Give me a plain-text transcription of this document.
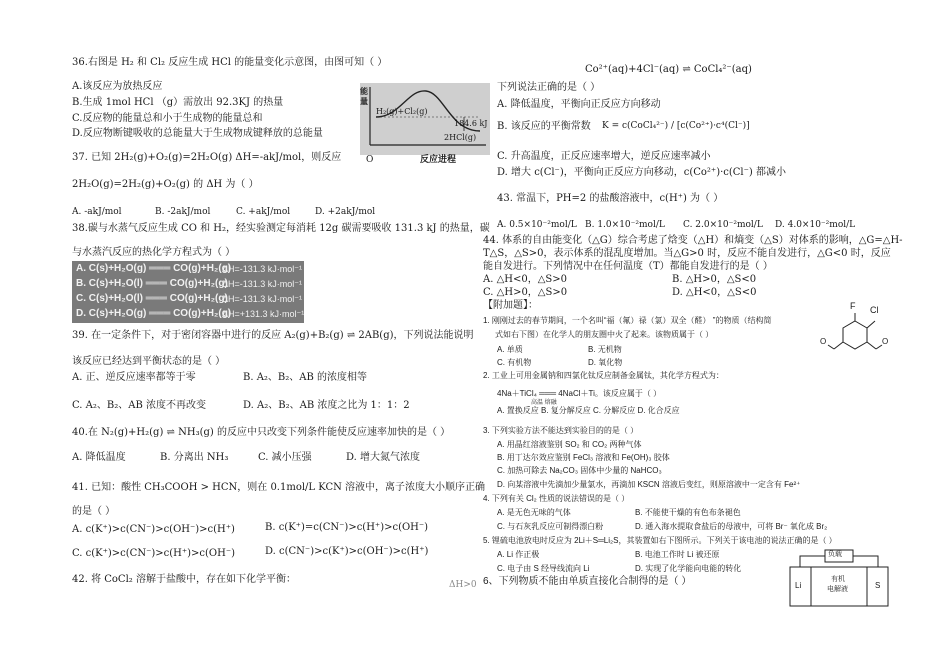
36.右图是 H₂ 和 Cl₂ 反应生成 HCl 的能量变化示意图，由图可知（ ）
A.该反应为放热反应
B.生成 1mol HCl （g）需放出 92.3KJ 的热量
C.反应物的能量总和小于生成物的能量总和
D.反应物断键吸收的总能量大于生成物成键释放的总能量
能量
H₂(g)+Cl₂(g)
184.6 kJ
2HCl(g)
O	反应进程
37. 已知 2H₂(g)+O₂(g)=2H₂O(g) ΔH=-akJ/mol，则反应
2H₂O(g)=2H₂(g)+O₂(g) 的 ΔH 为（ ）
A. -akJ/mol	B. -2akJ/mol	C. +akJ/mol	D. +2akJ/mol
38.碳与水蒸气反应生成 CO 和 H₂，经实验测定每消耗 12g 碳需要吸收 131.3 kJ 的热量，碳
与水蒸汽反应的热化学方程式为（ ）
A. C(s)+H₂O(g) ═══ CO(g)+H₂(g)
ΔH=-131.3 kJ·mol⁻¹
B. C(s)+H₂O(l) ═══ CO(g)+H₂(g)
ΔH=-131.3 kJ·mol⁻¹
C. C(s)+H₂O(l) ═══ CO(g)+H₂(g)
ΔH=-131.3 kJ·mol⁻¹
D. C(s)+H₂O(g) ═══ CO(g)+H₂(g)
ΔH=+131.3 kJ·mol⁻¹
39. 在一定条件下，对于密闭容器中进行的反应 A₂(g)+B₂(g) ⇌ 2AB(g)，下列说法能说明
该反应已经达到平衡状态的是（ ）
A. 正、逆反应速率都等于零	B. A₂、B₂、AB 的浓度相等
C. A₂、B₂、AB 浓度不再改变	D. A₂、B₂、AB 浓度之比为 1：1：2
40.在 N₂(g)+H₂(g) ⇌ NH₃(g) 的反应中只改变下列条件能使反应速率加快的是（ ）
A. 降低温度	B. 分离出 NH₃	C. 减小压强	D. 增大氮气浓度
41. 已知：酸性 CH₃COOH > HCN，则在 0.1mol/L KCN 溶液中，离子浓度大小顺序正确
的是（ ）
A. c(K⁺)>c(CN⁻)>c(OH⁻)>c(H⁺)	B. c(K⁺)=c(CN⁻)>c(H⁺)>c(OH⁻)
C. c(K⁺)>c(CN⁻)>c(H⁺)>c(OH⁻)	D. c(CN⁻)>c(K⁺)>c(OH⁻)>c(H⁺)
42. 将 CoCl₂ 溶解于盐酸中，存在如下化学平衡：	ΔH>0
Co²⁺(aq)+4Cl⁻(aq) ⇌ CoCl₄²⁻(aq)
下列说法正确的是（ ）
A. 降低温度，平衡向正反应方向移动
B. 该反应的平衡常数 K = c(CoCl₄²⁻) / [c(Co²⁺)·c⁴(Cl⁻)]
C. 升高温度，正反应速率增大，逆反应速率减小
D. 增大 c(Cl⁻)，平衡向正反应方向移动，c(Co²⁺)·c(Cl⁻) 都减小
43. 常温下，PH=2 的盐酸溶液中，c(H⁺) 为（ ）
A. 0.5×10⁻²mol/L B. 1.0×10⁻²mol/L C. 2.0×10⁻²mol/L D. 4.0×10⁻²mol/L
44. 体系的自由能变化（△G）综合考虑了焓变（△H）和熵变（△S）对体系的影响，△G=△H-
T△S，△S>0，表示体系的混乱度增加。当△G>0 时，反应不能自发进行，△G<0 时，反应
能自发进行。下列情况中在任何温度（T）都能自发进行的是（ ）
A. △H<0，△S>0	B. △H>0，△S<0
C. △H>0，△S>0	D. △H<0，△S<0
【附加题】：
1. 刚刚过去的春节期间，一个名叫“福（氟）禄（氯）双全（醛） ”的物质（结构简
式如右下图）在化学人的朋友圈中火了起来。该物质属于（ ）
A. 单质	B. 无机物
C. 有机物	D. 氧化物
F Cl
O	O
2. 工业上可用金属钠和四氯化钛反应制备金属钛，其化学方程式为：
4Na＋TiCl₄ ═══ 4NaCl＋Ti。该反应属于（ ）
高温 熔融
A. 置换反应 B. 复分解反应 C. 分解反应 D. 化合反应
3. 下列实验方法不能达到实验目的的是（ ）
A. 用晶红溶液鉴别 SO₂ 和 CO₂ 两种气体
B. 用丁达尔效应鉴别 FeCl₃ 溶液和 Fe(OH)₃ 胶体
C. 加热可除去 Na₂CO₃ 固体中少量的 NaHCO₃
D. 向某溶液中先滴加少量氯水，再滴加 KSCN 溶液后变红，则原溶液中一定含有 Fe²⁺
4. 下列有关 Cl₂ 性质的说法错误的是（ ）
A. 是无色无味的气体	B. 不能使干燥的有色布条褪色
C. 与石灰乳反应可制得漂白粉	D. 通入海水提取食盐后的母液中，可将 Br⁻ 氧化成 Br₂
5. 锂硫电池放电时反应为 2Li＋S═Li₂S，其装置如右下图所示。下列关于该电池的说法正确的是（ ）
A. Li 作正极	B. 电池工作时 Li 被还原
C. 电子由 S 经导线流向 Li	D. 实现了化学能向电能的转化
6、下列物质不能由单质直接化合制得的是（ ）
负载
Li
有机
电解液	S
